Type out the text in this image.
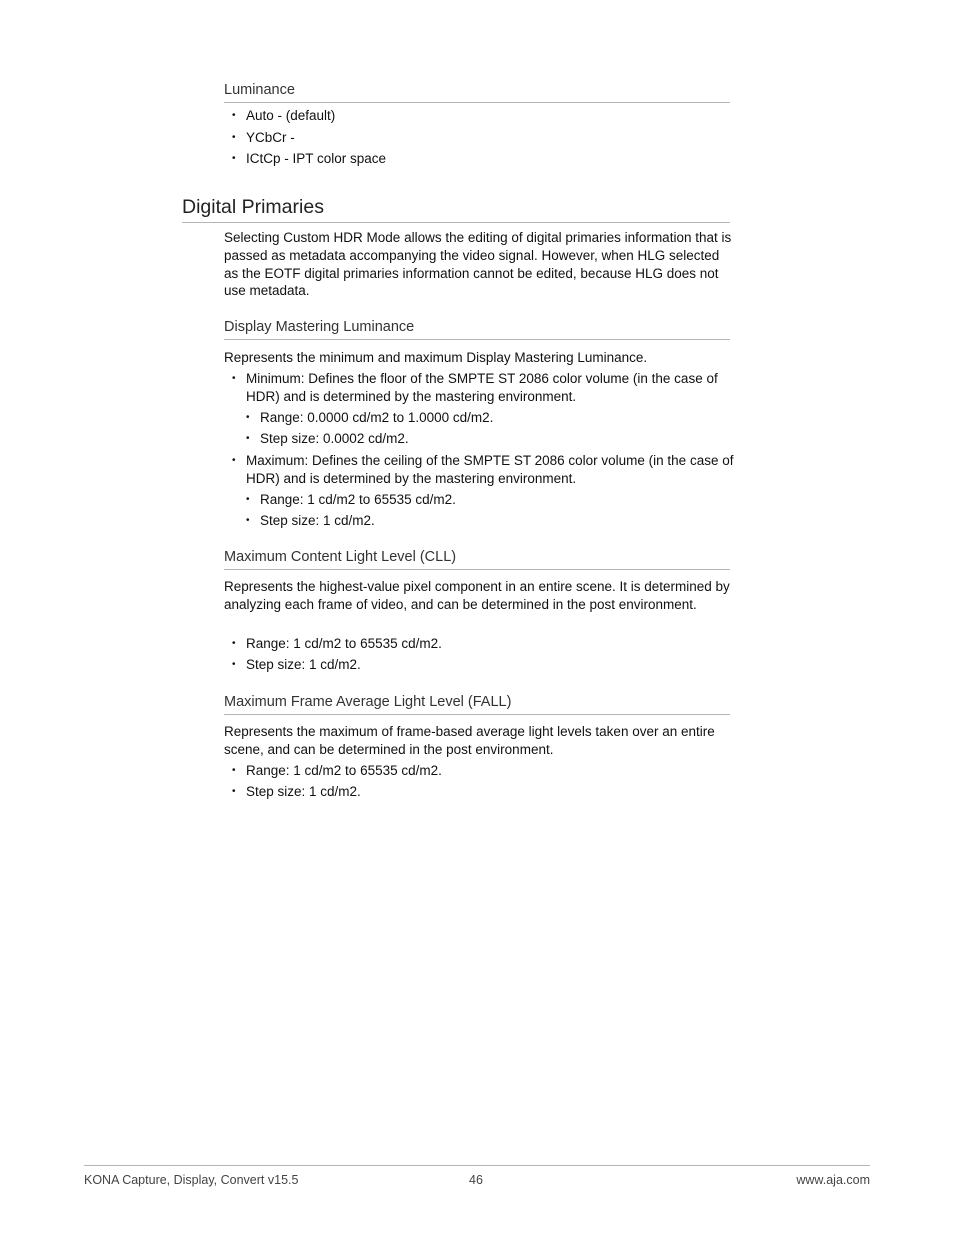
Luminance
• Auto - (default)
• YCbCr -
• ICtCp - IPT color space
Digital Primaries

Selecting Custom HDR Mode allows the editing of digital primaries information that is passed as metadata accompanying the video signal. However, when HLG selected as the EOTF digital primaries information cannot be edited, because HLG does not use metadata.

Display Mastering Luminance

Represents the minimum and maximum Display Mastering Luminance.

• Minimum: Defines the floor of the SMPTE ST 2086 color volume (in the case of HDR) and is determined by the mastering environment.
• Range: 0.0000 cd/m2 to 1.0000 cd/m2.
• Step size: 0.0002 cd/m2.
• Maximum: Defines the ceiling of the SMPTE ST 2086 color volume (in the case of HDR) and is determined by the mastering environment.
• Range: 1 cd/m2 to 65535 cd/m2.
• Step size: 1 cd/m2.
Maximum Content Light Level (CLL)

Represents the highest-value pixel component in an entire scene. It is determined by analyzing each frame of video, and can be determined in the post environment.

• Range: 1 cd/m2 to 65535 cd/m2.
• Step size: 1 cd/m2.
Maximum Frame Average Light Level (FALL)

Represents the maximum of frame-based average light levels taken over an entire scene, and can be determined in the post environment.

• Range: 1 cd/m2 to 65535 cd/m2.
• Step size: 1 cd/m2.
KONA Capture, Display, Convert v15.5	46	www.aja.com
